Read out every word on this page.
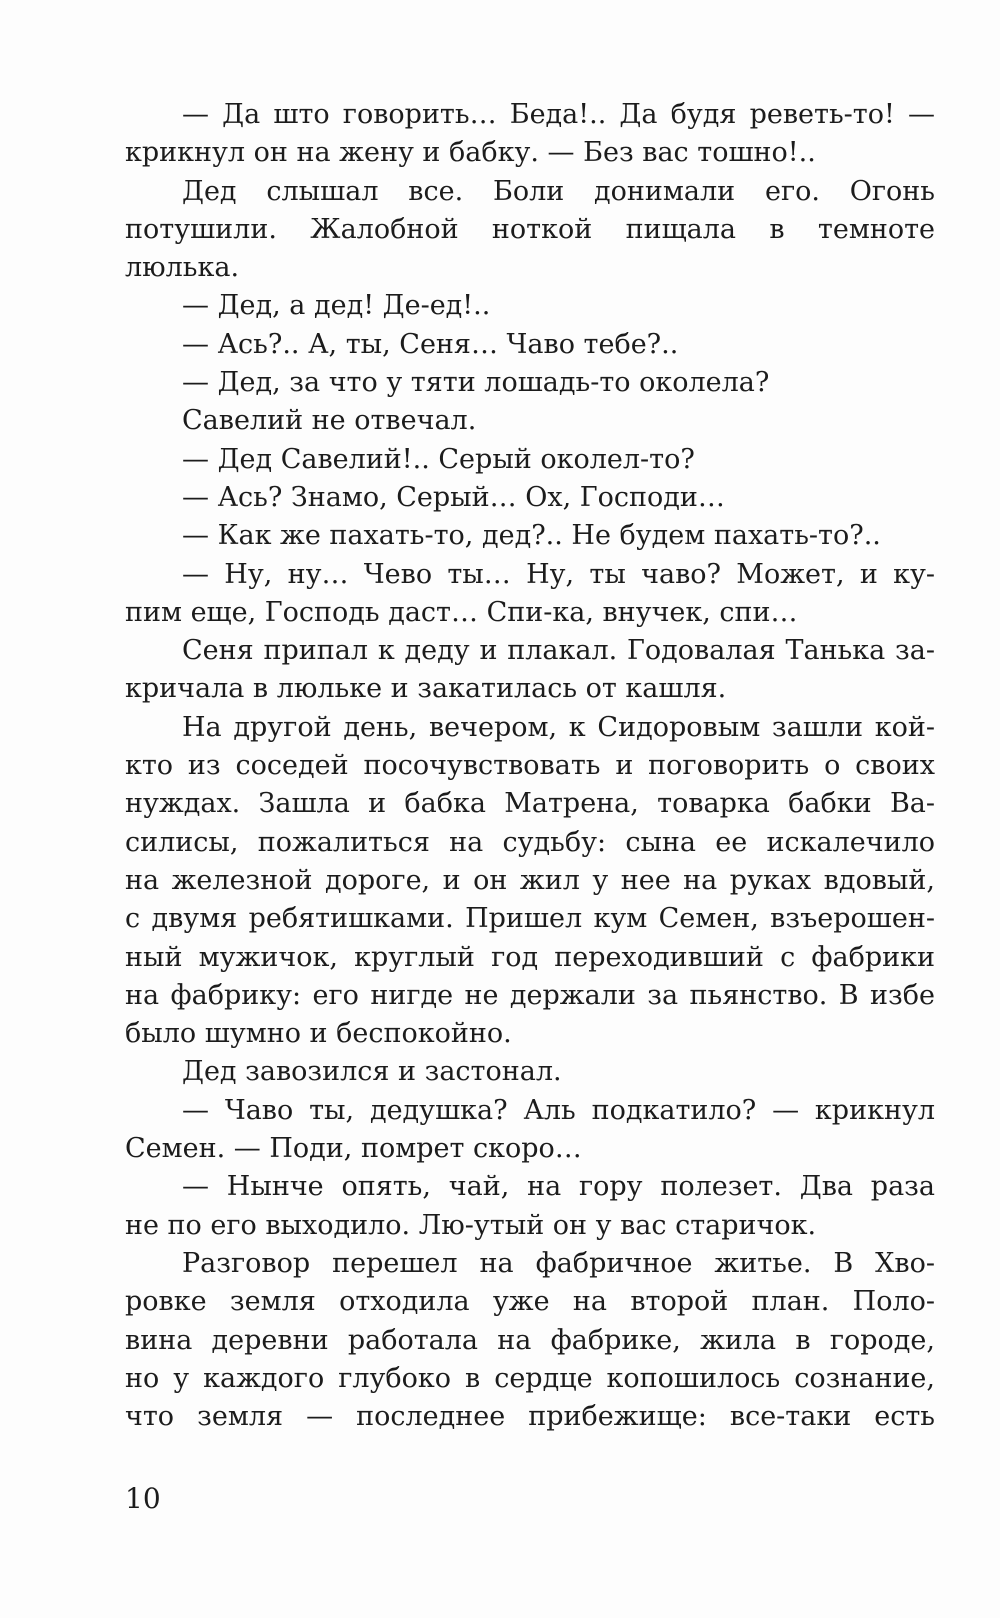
— Да што говорить… Беда!.. Да будя реветь-то! —
крикнул он на жену и бабку. — Без вас тошно!..
Дед слышал все. Боли донимали его. Огонь
потушили. Жалобной ноткой пищала в темноте
люлька.
— Дед, а дед! Де-ед!..
— Ась?.. А, ты, Сеня… Чаво тебе?..
— Дед, за что у тяти лошадь-то околела?
Савелий не отвечал.
— Дед Савелий!.. Серый околел-то?
— Ась? Знамо, Серый… Ох, Господи…
— Как же пахать-то, дед?.. Не будем пахать-то?..
— Ну, ну… Чево ты… Ну, ты чаво? Может, и ку-
пим еще, Господь даст… Спи-ка, внучек, спи…
Сеня припал к деду и плакал. Годовалая Танька за-
кричала в люльке и закатилась от кашля.
На другой день, вечером, к Сидоровым зашли кой-
кто из соседей посочувствовать и поговорить о своих
нуждах. Зашла и бабка Матрена, товарка бабки Ва-
силисы, пожалиться на судьбу: сына ее искалечило
на железной дороге, и он жил у нее на руках вдовый,
с двумя ребятишками. Пришел кум Семен, взъерошен-
ный мужичок, круглый год переходивший с фабрики
на фабрику: его нигде не держали за пьянство. В избе
было шумно и беспокойно.
Дед завозился и застонал.
— Чаво ты, дедушка? Аль подкатило? — крикнул
Семен. — Поди, помрет скоро…
— Нынче опять, чай, на гору полезет. Два раза
не по его выходило. Лю-утый он у вас старичок.
Разговор перешел на фабричное житье. В Хво-
ровке земля отходила уже на второй план. Поло-
вина деревни работала на фабрике, жила в городе,
но у каждого глубоко в сердце копошилось сознание,
что земля — последнее прибежище: все-таки есть
10
